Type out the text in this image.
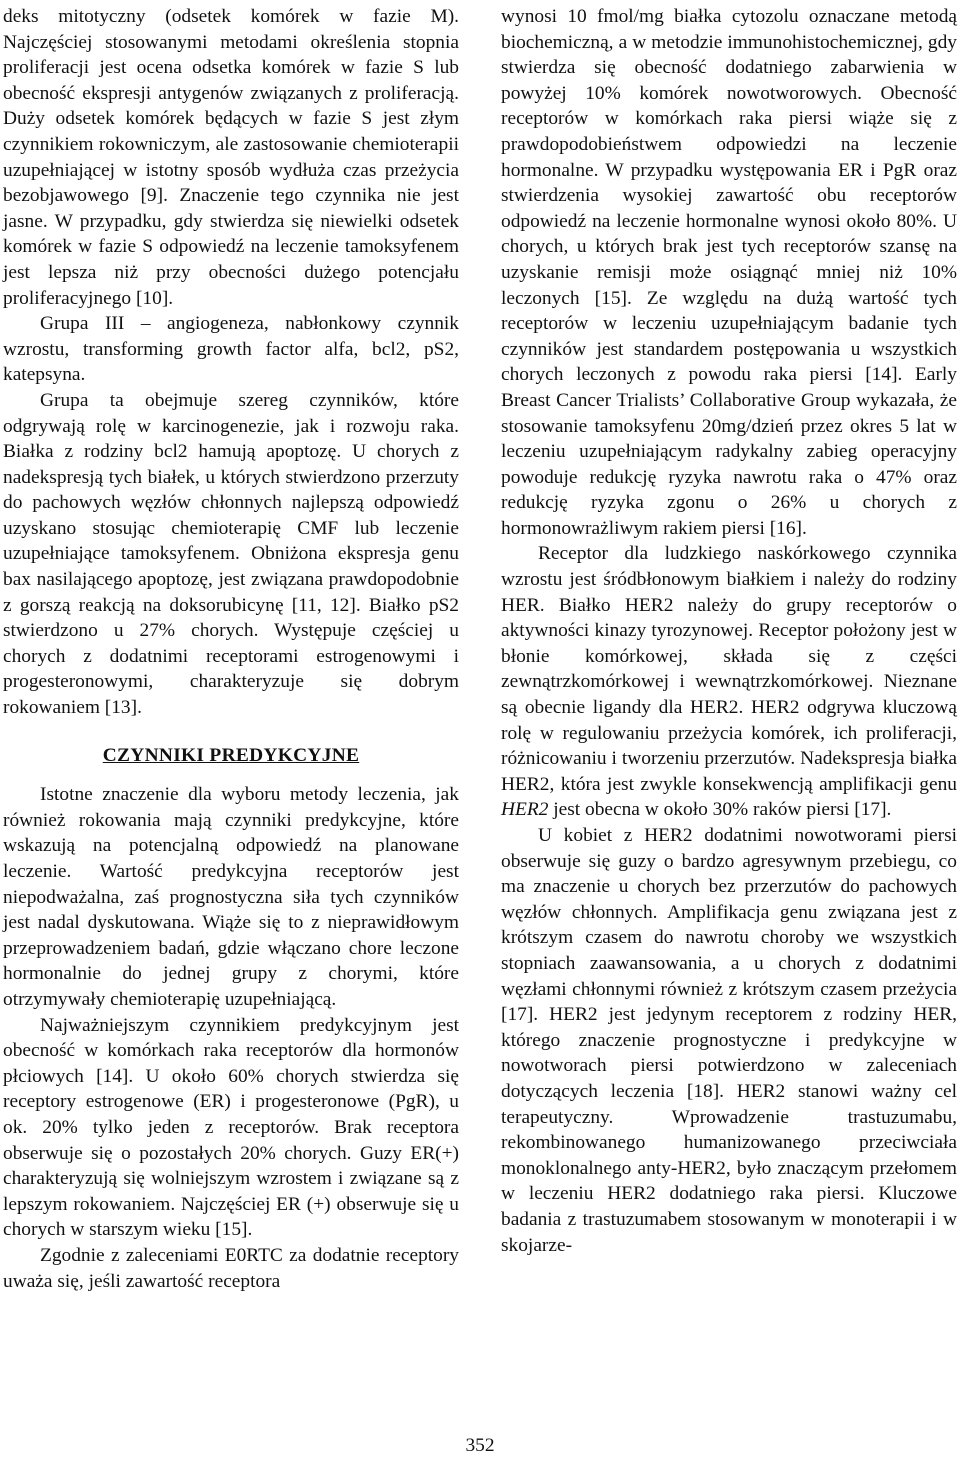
deks mitotyczny (odsetek komórek w fazie M). Najczęściej stosowanymi metodami określenia stopnia proliferacji jest ocena odsetka komórek w fazie S lub obecność ekspresji antygenów związanych z proliferacją. Duży odsetek komórek będących w fazie S jest złym czynnikiem rokowniczym, ale zastosowanie chemioterapii uzupełniającej w istotny sposób wydłuża czas przeżycia bezobjawowego [9]. Znaczenie tego czynnika nie jest jasne. W przypadku, gdy stwierdza się niewielki odsetek komórek w fazie S odpowiedź na leczenie tamoksyfenem jest lepsza niż przy obecności dużego potencjału proliferacyjnego [10].

Grupa III – angiogeneza, nabłonkowy czynnik wzrostu, transforming growth factor alfa, bcl2, pS2, katepsyna.

Grupa ta obejmuje szereg czynników, które odgrywają rolę w karcinogenezie, jak i rozwoju raka. Białka z rodziny bcl2 hamują apoptozę. U chorych z nadekspresją tych białek, u których stwierdzono przerzuty do pachowych węzłów chłonnych najlepszą odpowiedź uzyskano stosując chemioterapię CMF lub leczenie uzupełniające tamoksyfenem. Obniżona ekspresja genu bax nasilającego apoptozę, jest związana prawdopodobnie z gorszą reakcją na doksorubicynę [11, 12]. Białko pS2 stwierdzono u 27% chorych. Występuje częściej u chorych z dodatnimi receptorami estrogenowymi i progesteronowymi, charakteryzuje się dobrym rokowaniem [13].

CZYNNIKI PREDYKCYJNE

Istotne znaczenie dla wyboru metody leczenia, jak również rokowania mają czynniki predykcyjne, które wskazują na potencjalną odpowiedź na planowane leczenie. Wartość predykcyjna receptorów jest niepodważalna, zaś prognostyczna siła tych czynników jest nadal dyskutowana. Wiąże się to z nieprawidłowym przeprowadzeniem badań, gdzie włączano chore leczone hormonalnie do jednej grupy z chorymi, które otrzymywały chemioterapię uzupełniającą.

Najważniejszym czynnikiem predykcyjnym jest obecność w komórkach raka receptorów dla hormonów płciowych [14]. U około 60% chorych stwierdza się receptory estrogenowe (ER) i progesteronowe (PgR), u ok. 20% tylko jeden z receptorów. Brak receptora obserwuje się o pozostałych 20% chorych. Guzy ER(+) charakteryzują się wolniejszym wzrostem i związane są z lepszym rokowaniem. Najczęściej ER (+) obserwuje się u chorych w starszym wieku [15].

Zgodnie z zaleceniami E0RTC za dodatnie receptory uważa się, jeśli zawartość receptora

wynosi 10 fmol/mg białka cytozolu oznaczane metodą biochemiczną, a w metodzie immunohistochemicznej, gdy stwierdza się obecność dodatniego zabarwienia w powyżej 10% komórek nowotworowych. Obecność receptorów w komórkach raka piersi wiąże się z prawdopodobieństwem odpowiedzi na leczenie hormonalne. W przypadku występowania ER i PgR oraz stwierdzenia wysokiej zawartość obu receptorów odpowiedź na leczenie hormonalne wynosi około 80%. U chorych, u których brak jest tych receptorów szansę na uzyskanie remisji może osiągnąć mniej niż 10% leczonych [15]. Ze względu na dużą wartość tych receptorów w leczeniu uzupełniającym badanie tych czynników jest standardem postępowania u wszystkich chorych leczonych z powodu raka piersi [14]. Early Breast Cancer Trialists’ Collaborative Group wykazała, że stosowanie tamoksyfenu 20mg/dzień przez okres 5 lat w leczeniu uzupełniającym radykalny zabieg operacyjny powoduje redukcję ryzyka nawrotu raka o 47% oraz redukcję ryzyka zgonu o 26% u chorych z hormonowrażliwym rakiem piersi [16].

Receptor dla ludzkiego naskórkowego czynnika wzrostu jest śródbłonowym białkiem i należy do rodziny HER. Białko HER2 należy do grupy receptorów o aktywności kinazy tyrozynowej. Receptor położony jest w błonie komórkowej, składa się z części zewnątrzkomórkowej i wewnątrzkomórkowej. Nieznane są obecnie ligandy dla HER2. HER2 odgrywa kluczową rolę w regulowaniu przeżycia komórek, ich proliferacji, różnicowaniu i tworzeniu przerzutów. Nadekspresja białka HER2, która jest zwykle konsekwencją amplifikacji genu HER2 jest obecna w około 30% raków piersi [17].

U kobiet z HER2 dodatnimi nowotworami piersi obserwuje się guzy o bardzo agresywnym przebiegu, co ma znaczenie u chorych bez przerzutów do pachowych węzłów chłonnych. Amplifikacja genu związana jest z krótszym czasem do nawrotu choroby we wszystkich stopniach zaawansowania, a u chorych z dodatnimi węzłami chłonnymi również z krótszym czasem przeżycia [17]. HER2 jest jedynym receptorem z rodziny HER, którego znaczenie prognostyczne i predykcyjne w nowotworach piersi potwierdzono w zaleceniach dotyczących leczenia [18]. HER2 stanowi ważny cel terapeutyczny. Wprowadzenie trastuzumabu, rekombinowanego humanizowanego przeciwciała monoklonalnego anty-HER2, było znaczącym przełomem w leczeniu HER2 dodatniego raka piersi. Kluczowe badania z trastuzumabem stosowanym w monoterapii i w skojarze-

352
